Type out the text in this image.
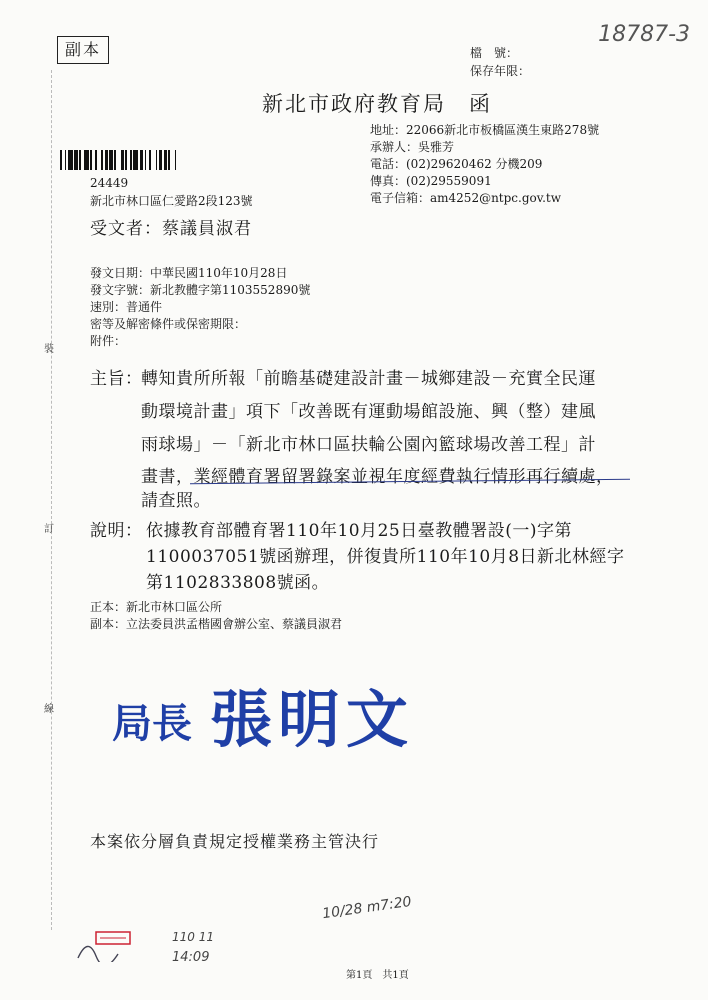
副本
18787-3
檔　號：
保存年限：
新北市政府教育局　函
地址：22066新北市板橋區漢生東路278號
承辦人：吳雅芳
電話：(02)29620462 分機209
傳真：(02)29559091
電子信箱：am4252@ntpc.gov.tw
24449
新北市林口區仁愛路2段123號
受文者：蔡議員淑君
發文日期：中華民國110年10月28日
發文字號：新北教體字第1103552890號
速別：普通件
密等及解密條件或保密期限：
附件：
裝
訂
線
主旨：
轉知貴所所報「前瞻基礎建設計畫－城鄉建設－充實全民運
動環境計畫」項下「改善既有運動場館設施、興（整）建風
雨球場」－「新北市林口區扶輪公園內籃球場改善工程」計
畫書，業經體育署留署錄案並視年度經費執行情形再行續處，
請查照。
說明： 依據教育部體育署110年10月25日臺教體署設(一)字第
1100037051號函辦理，併復貴所110年10月8日新北林經字
第1102833808號函。
正本：新北市林口區公所
副本：立法委員洪孟楷國會辦公室、蔡議員淑君
局長 張明文
本案依分層負責規定授權業務主管決行
10/28 m7:20
110 11
14:09
第1頁　共1頁
